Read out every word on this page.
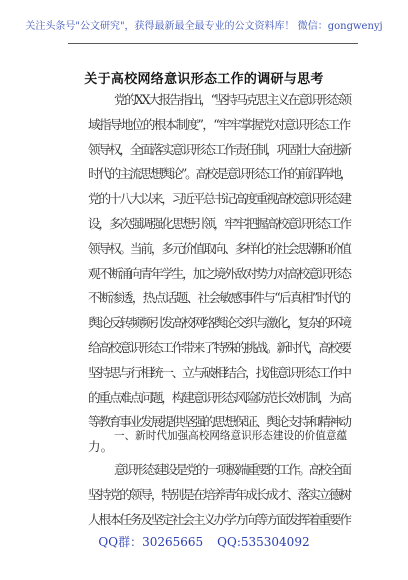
关注头条号"公文研究"，获得最新最全最专业的公文资料库！ 微信：gongwenyj
关于高校网络意识形态工作的调研与思考
党的XX大报告指出，“坚持马克思主义在意识形态领
域指导地位的根本制度”，“牢牢掌握党对意识形态工作
领导权，全面落实意识形态工作责任制，巩固壮大奋进新
时代的主流思想舆论”。高校是意识形态工作的前沿阵地，
党的十八大以来，习近平总书记高度重视高校意识形态建
设，多次强调强化思想引领，牢牢把握高校意识形态工作
领导权。当前，多元价值取向、多样化的社会思潮和价值
观不断涌向青年学生，加之境外敌对势力对高校意识形态
不断渗透，热点话题、社会敏感事件与“后真相”时代的
舆论反转频频引发高校网络舆论交织与激化，复杂的环境
给高校意识形态工作带来了特殊的挑战。新时代，高校要
坚持思与行相统一、立与破相结合，找准意识形态工作中
的重点难点问题，构建意识形态风险防范长效机制，为高
等教育事业发展提供坚强的思想保证、舆论支持和精神动
力。
一、新时代加强高校网络意识形态建设的价值意蕴
意识形态建设是党的一项极端重要的工作。高校全面
坚持党的领导，特别是在培养青年成长成才、落实立德树
人根本任务及坚定社会主义办学方向等方面发挥着重要作
QQ群：30265665 QQ:535304092
